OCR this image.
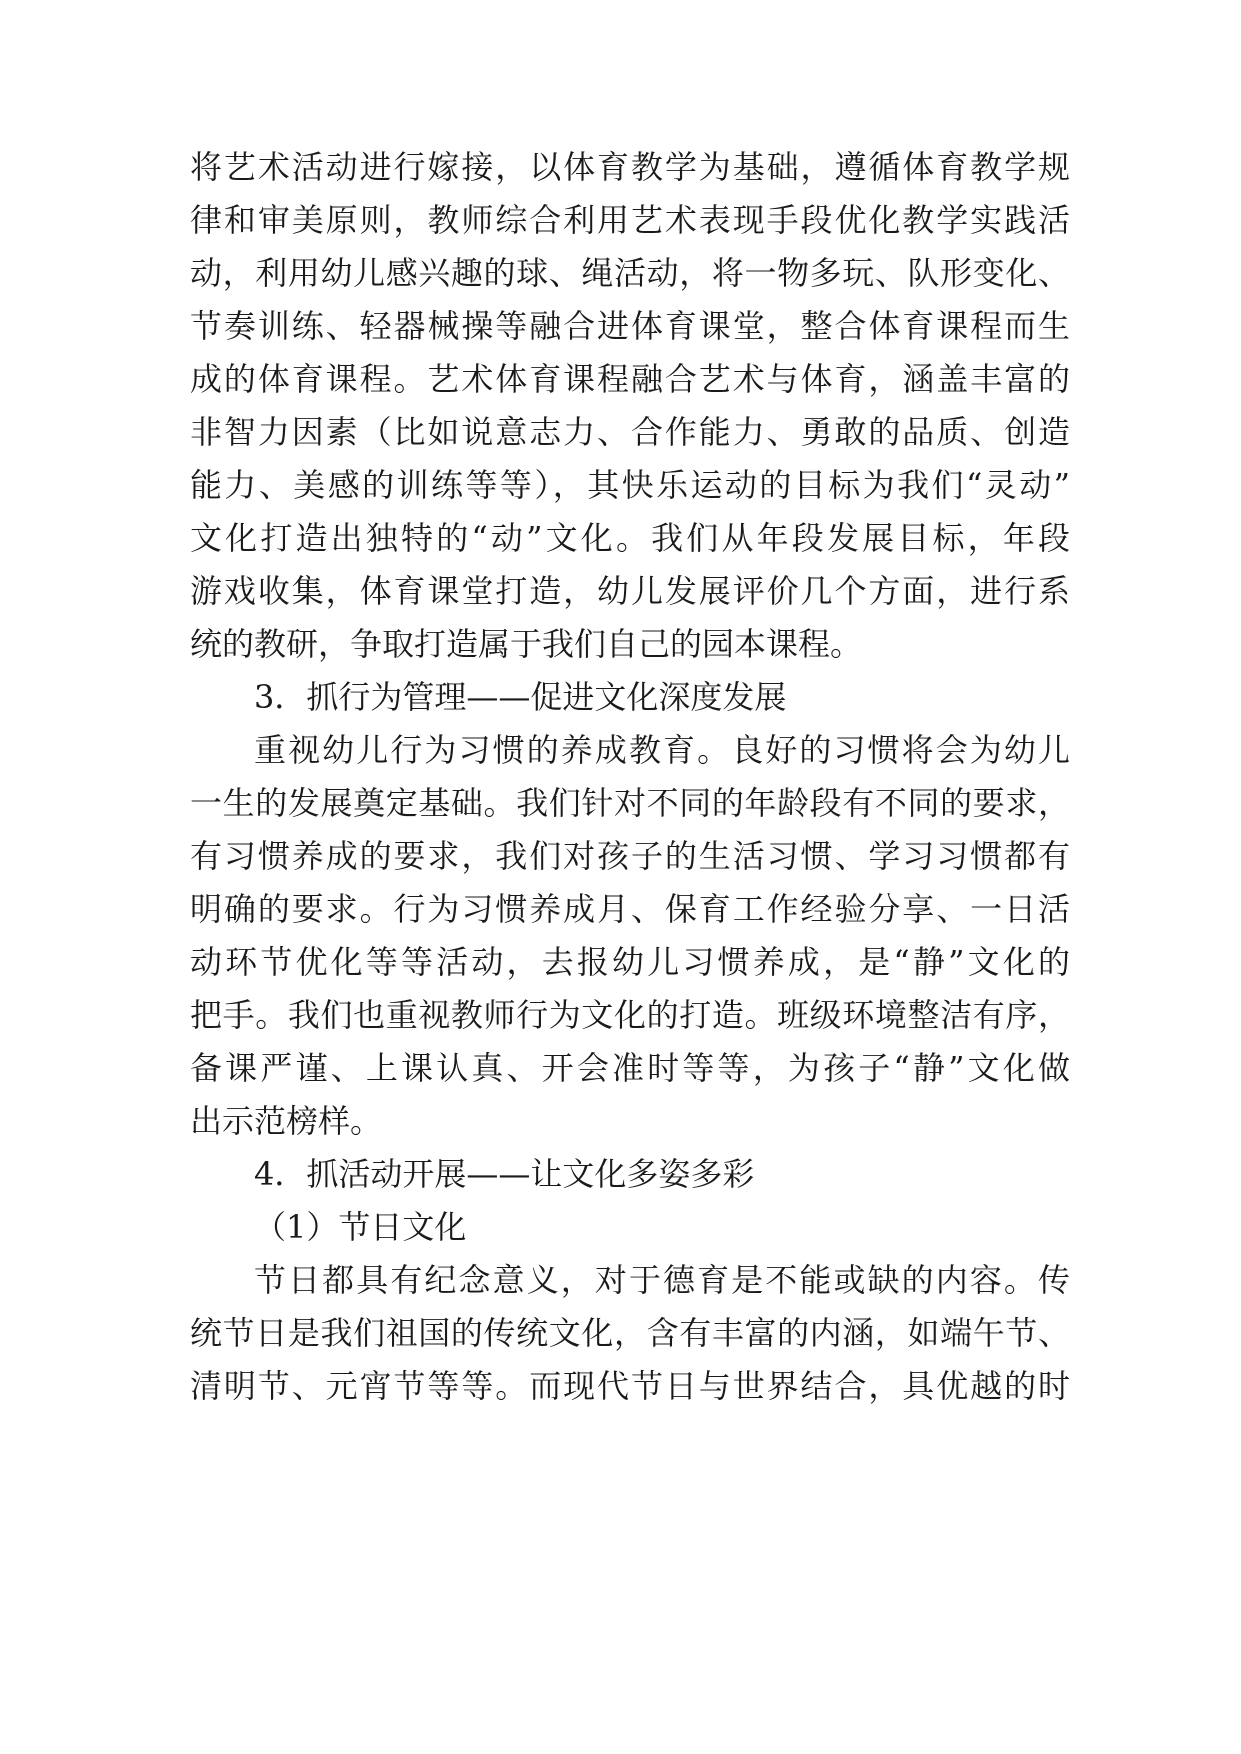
将艺术活动进行嫁接，以体育教学为基础，遵循体育教学规
律和审美原则，教师综合利用艺术表现手段优化教学实践活
动，利用幼儿感兴趣的球、绳活动，将一物多玩、队形变化、
节奏训练、轻器械操等融合进体育课堂，整合体育课程而生
成的体育课程。艺术体育课程融合艺术与体育，涵盖丰富的
非智力因素（比如说意志力、合作能力、勇敢的品质、创造
能力、美感的训练等等），其快乐运动的目标为我们“灵动”
文化打造出独特的“动”文化。我们从年段发展目标，年段
游戏收集，体育课堂打造，幼儿发展评价几个方面，进行系
统的教研，争取打造属于我们自己的园本课程。
3．抓行为管理——促进文化深度发展
重视幼儿行为习惯的养成教育。良好的习惯将会为幼儿
一生的发展奠定基础。我们针对不同的年龄段有不同的要求，
有习惯养成的要求，我们对孩子的生活习惯、学习习惯都有
明确的要求。行为习惯养成月、保育工作经验分享、一日活
动环节优化等等活动，去报幼儿习惯养成，是“静”文化的
把手。我们也重视教师行为文化的打造。班级环境整洁有序，
备课严谨、上课认真、开会准时等等，为孩子“静”文化做
出示范榜样。
4．抓活动开展——让文化多姿多彩
（1）节日文化
节日都具有纪念意义，对于德育是不能或缺的内容。传
统节日是我们祖国的传统文化，含有丰富的内涵，如端午节、
清明节、元宵节等等。而现代节日与世界结合，具优越的时
